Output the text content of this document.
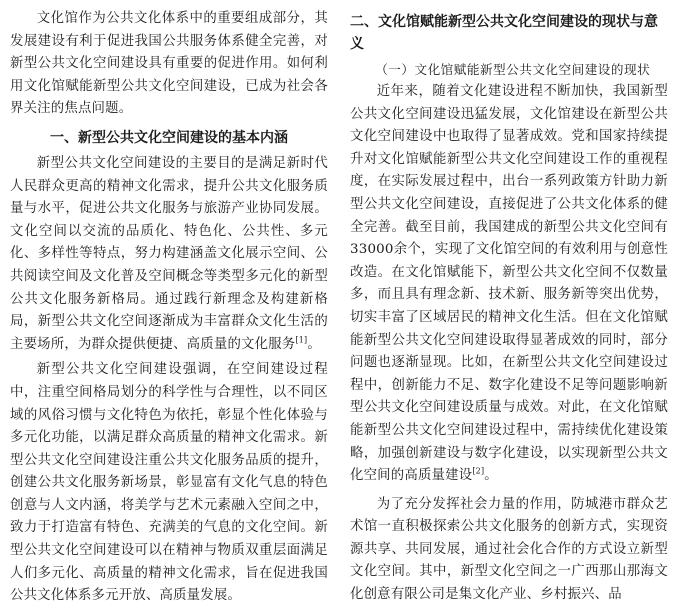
文化馆作为公共文化体系中的重要组成部分，其发展建设有利于促进我国公共服务体系健全完善，对新型公共文化空间建设具有重要的促进作用。如何利用文化馆赋能新型公共文化空间建设，已成为社会各界关注的焦点问题。

一、新型公共文化空间建设的基本内涵

新型公共文化空间建设的主要目的是满足新时代人民群众更高的精神文化需求，提升公共文化服务质量与水平，促进公共文化服务与旅游产业协同发展。文化空间以交流的品质化、特色化、公共性、多元化、多样性等特点，努力构建涵盖文化展示空间、公共阅读空间及文化普及空间概念等类型多元化的新型公共文化服务新格局。通过践行新理念及构建新格局，新型公共文化空间逐渐成为丰富群众文化生活的主要场所，为群众提供便捷、高质量的文化服务[1]。

新型公共文化空间建设强调，在空间建设过程中，注重空间格局划分的科学性与合理性，以不同区域的风俗习惯与文化特色为依托，彰显个性化体验与多元化功能，以满足群众高质量的精神文化需求。新型公共文化空间建设注重公共文化服务品质的提升，创建公共文化服务新场景，彰显富有文化气息的特色创意与人文内涵，将美学与艺术元素融入空间之中，致力于打造富有特色、充满美的气息的文化空间。新型公共文化空间建设可以在精神与物质双重层面满足人们多元化、高质量的精神文化需求，旨在促进我国公共文化体系多元开放、高质量发展。

二、文化馆赋能新型公共文化空间建设的现状与意义
（一）文化馆赋能新型公共文化空间建设的现状

近年来，随着文化建设进程不断加快，我国新型公共文化空间建设迅猛发展，文化馆建设在新型公共文化空间建设中也取得了显著成效。党和国家持续提升对文化馆赋能新型公共文化空间建设工作的重视程度，在实际发展过程中，出台一系列政策方针助力新型公共文化空间建设，直接促进了公共文化体系的健全完善。截至目前，我国建成的新型公共文化空间有33000余个，实现了文化馆空间的有效利用与创意性改造。在文化馆赋能下，新型公共文化空间不仅数量多，而且具有理念新、技术新、服务新等突出优势，切实丰富了区域居民的精神文化生活。但在文化馆赋能新型公共文化空间建设取得显著成效的同时，部分问题也逐渐显现。比如，在新型公共文化空间建设过程中，创新能力不足、数字化建设不足等问题影响新型公共文化空间建设质量与成效。对此，在文化馆赋能新型公共文化空间建设过程中，需持续优化建设策略，加强创新建设与数字化建设，以实现新型公共文化空间的高质量建设[2]。

为了充分发挥社会力量的作用，防城港市群众艺术馆一直积极探索公共文化服务的创新方式，实现资源共享、共同发展，通过社会化合作的方式设立新型文化空间。其中，新型文化空间之一广西那山那海文化创意有限公司是集文化产业、乡村振兴、品
